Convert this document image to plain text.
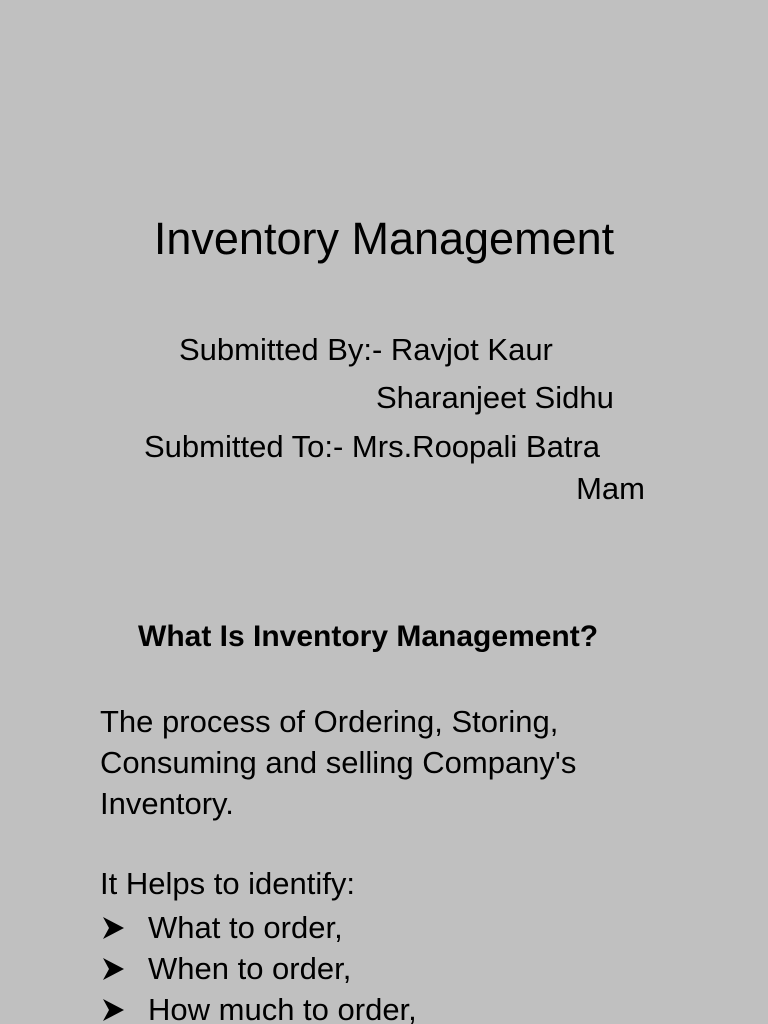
Inventory Management
Submitted By:- Ravjot Kaur
Sharanjeet Sidhu
Submitted To:- Mrs.Roopali Batra
Mam
What Is Inventory Management?
The process of Ordering, Storing,
Consuming and selling Company's
Inventory.
It Helps to identify:
What to order,
When to order,
How much to order,
